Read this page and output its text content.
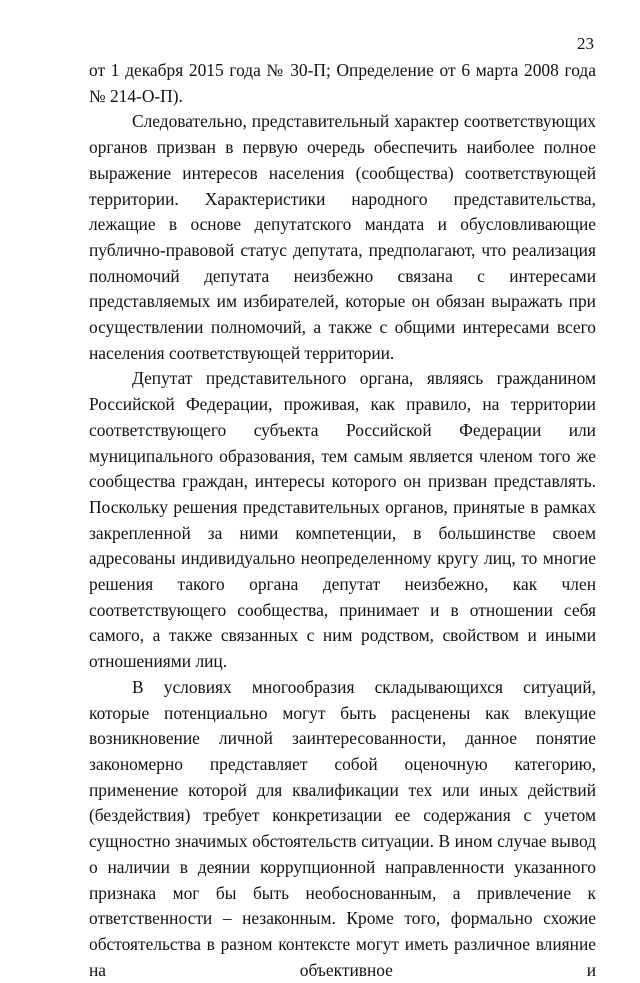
23

от 1 декабря 2015 года № 30-П; Определение от 6 марта 2008 года № 214-О-П).

Следовательно, представительный характер соответствующих органов призван в первую очередь обеспечить наиболее полное выражение интересов населения (сообщества) соответствующей территории. Характеристики народного представительства, лежащие в основе депутатского мандата и обусловливающие публично-правовой статус депутата, предполагают, что реализация полномочий депутата неизбежно связана с интересами представляемых им избирателей, которые он обязан выражать при осуществлении полномочий, а также с общими интересами всего населения соответствующей территории.

Депутат представительного органа, являясь гражданином Российской Федерации, проживая, как правило, на территории соответствующего субъекта Российской Федерации или муниципального образования, тем самым является членом того же сообщества граждан, интересы которого он призван представлять. Поскольку решения представительных органов, принятые в рамках закрепленной за ними компетенции, в большинстве своем адресованы индивидуально неопределенному кругу лиц, то многие решения такого органа депутат неизбежно, как член соответствующего сообщества, принимает и в отношении себя самого, а также связанных с ним родством, свойством и иными отношениями лиц.

В условиях многообразия складывающихся ситуаций, которые потенциально могут быть расценены как влекущие возникновение личной заинтересованности, данное понятие закономерно представляет собой оценочную категорию, применение которой для квалификации тех или иных действий (бездействия) требует конкретизации ее содержания с учетом сущностно значимых обстоятельств ситуации. В ином случае вывод о наличии в деянии коррупционной направленности указанного признака мог бы быть необоснованным, а привлечение к ответственности – незаконным. Кроме того, формально схожие обстоятельства в разном контексте могут иметь различное влияние на объективное и
